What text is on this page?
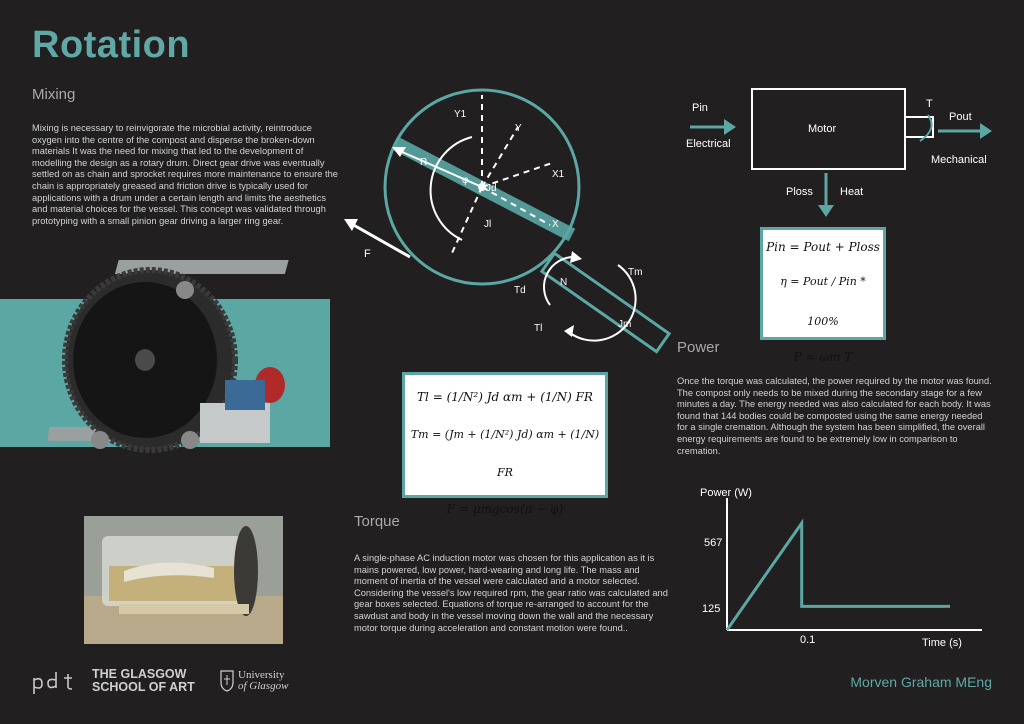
Rotation
Mixing
Mixing is necessary to reinvigorate the microbial activity, reintroduce oxygen into the centre of the compost and disperse the broken-down materials It was the need for mixing that led to the development of modelling the design as a rotary drum. Direct gear drive was eventually settled on as chain and sprocket requires more maintenance to ensure the chain is appropriately greased and friction drive is typically used for applications with a drum under a certain length and limits the aesthetics and material choices for the vessel. This concept was validated through prototyping with a small pinion gear driving a larger ring gear.
Y1
Y
X1
X
R
φ
Jd
Jl
F
Td
Tl
Tm
N
Jm
Tl = (1/N²) Jd αm + (1/N) FR
Tm = (Jm + (1/N²) Jd) αm + (1/N) FR
F = μmgcos(π − φ)
Pin
Electrical
Motor
T
Pout
Mechanical
Ploss Heat
Pin = Pout + Ploss
η = Pout / Pin * 100%
P = ωm T
Power
Once the torque was calculated, the power required by the motor was found. The compost only needs to be mixed during the secondary stage for a few minutes a day. The energy needed was also calculated for each body. It was found that 144 bodies could be composted using the same energy needed for a single cremation. Although the system has been simplified, the overall energy requirements are found to be extremely low in comparison to cremation.
Torque
A single-phase AC induction motor was chosen for this application as it is mains powered, low power, hard-wearing and long life. The mass and moment of inertia of the vessel were calculated and a motor selected. Considering the vessel's low required rpm, the gear ratio was calculated and gear boxes selected. Equations of torque re-arranged to account for the sawdust and body in the vessel moving down the wall and the necessary motor torque during acceleration and constant motion were found..
Power (W)
Time (s)
125
567
0.1
THE GLASGOW SCHOOL OF ART
University
of Glasgow	Morven Graham MEng
